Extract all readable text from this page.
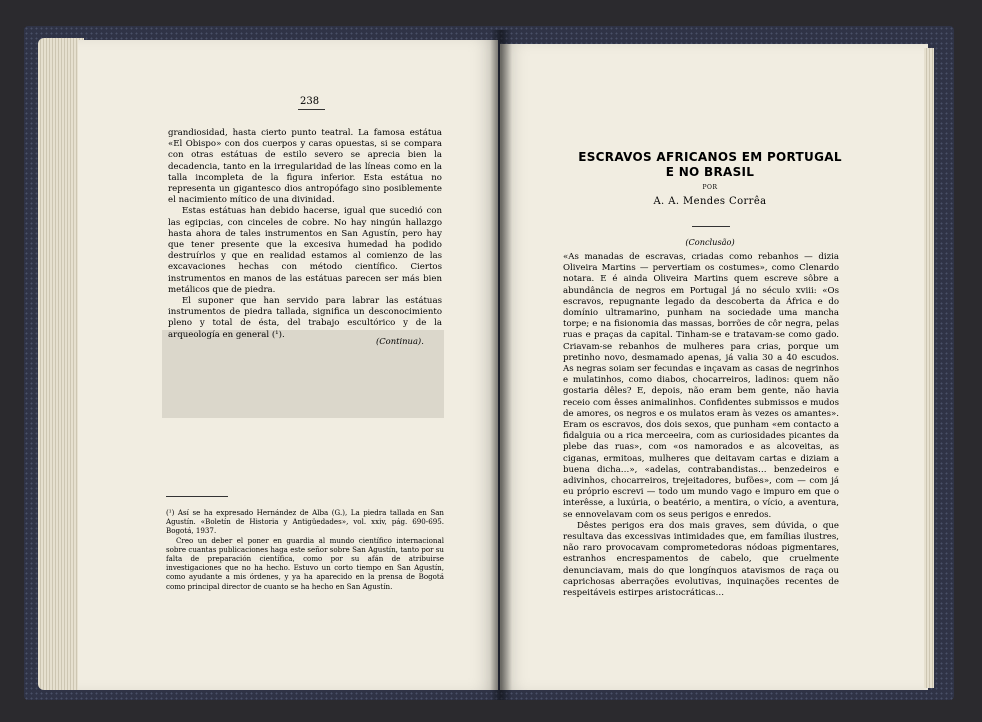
238

grandiosidad, hasta cierto punto teatral. La famosa estátua «El Obispo» con dos cuerpos y caras opuestas, si se compara con otras estátuas de estilo severo se aprecia bien la decadencia, tanto en la irregularidad de las líneas como en la talla incompleta de la figura inferior. Esta estátua no representa un gigantesco dios antropófago sino posiblemente el nacimiento mítico de una divinidad.

Estas estátuas han debido hacerse, igual que sucedió con las egipcias, con cinceles de cobre. No hay ningún hallazgo hasta ahora de tales instrumentos en San Agustín, pero hay que tener presente que la excesiva humedad ha podido destruírlos y que en realidad estamos al comienzo de las excavaciones hechas con método científico. Ciertos instrumentos en manos de las estátuas parecen ser más bien metálicos que de piedra.

El suponer que han servido para labrar las estátuas instrumentos de piedra tallada, significa un desconocimiento pleno y total de ésta, del trabajo escultórico y de la arqueología en general (¹).

(Continua).

(¹) Así se ha expresado Hernández de Alba (G.), La piedra tallada en San Agustín. «Boletín de Historia y Antigüedades», vol. xxiv, pág. 690-695. Bogotá, 1937.

Creo un deber el poner en guardia al mundo científico internacional sobre cuantas publicaciones haga este señor sobre San Agustín, tanto por su falta de preparación científica, como por su afán de atribuirse investigaciones que no ha hecho. Estuvo un corto tiempo en San Agustín, como ayudante a mis órdenes, y ya ha aparecido en la prensa de Bogotá como principal director de cuanto se ha hecho en San Agustín.

ESCRAVOS AFRICANOS EM PORTUGAL
E NO BRASIL
POR
A. A. Mendes Corrêa
(Conclusão)

«As manadas de escravas, criadas como rebanhos — dizia Oliveira Martins — pervertiam os costumes», como Clenardo notara. E é ainda Oliveira Martins quem escreve sôbre a abundância de negros em Portugal já no século xviii: «Os escravos, repugnante legado da descoberta da África e do domínio ultramarino, punham na sociedade uma mancha torpe; e na fisionomia das massas, borrões de côr negra, pelas ruas e praças da capital. Tinham-se e tratavam-se como gado. Criavam-se rebanhos de mulheres para crias, porque um pretinho novo, desmamado apenas, já valia 30 a 40 escudos. As negras soiam ser fecundas e inçavam as casas de negrinhos e mulatinhos, como diabos, chocarreiros, ladinos: quem não gostaria dêles? E, depois, não eram bem gente, não havia receio com êsses animalinhos. Confidentes submissos e mudos de amores, os negros e os mulatos eram às vezes os amantes». Eram os escravos, dos dois sexos, que punham «em contacto a fidalguia ou a rica merceeira, com as curiosidades picantes da plebe das ruas», com «os namorados e as alcoveitas, as ciganas, ermitoas, mulheres que deitavam cartas e diziam a buena dicha…», «adelas, contrabandistas… benzedeiros e adivinhos, chocarreiros, trejeitadores, bufões», com — com já eu próprio escrevi — todo um mundo vago e impuro em que o interêsse, a luxúria, o beatério, a mentira, o vício, a aventura, se ennovelavam com os seus perigos e enredos.

Dêstes perigos era dos mais graves, sem dúvida, o que resultava das excessivas intimidades que, em famílias ilustres, não raro provocavam comprometedoras nódoas pigmentares, estranhos encrespamentos de cabelo, que cruelmente denunciavam, mais do que longínquos atavismos de raça ou caprichosas aberrações evolutivas, inquinações recentes de respeitáveis estirpes aristocráticas…
